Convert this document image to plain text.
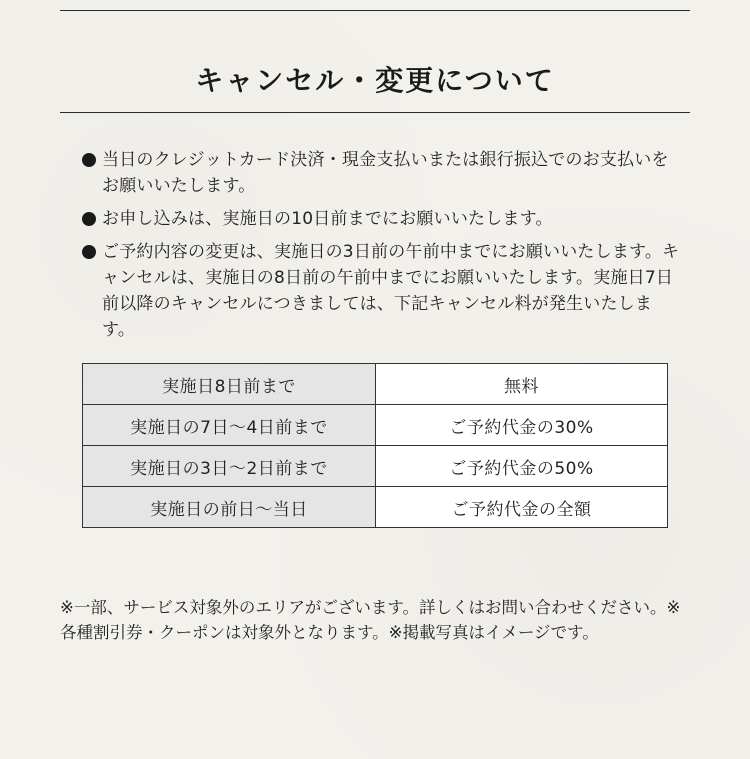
キャンセル・変更について
当日のクレジットカード決済・現金支払いまたは銀行振込でのお支払いをお願いいたします。
お申し込みは、実施日の10日前までにお願いいたします。
ご予約内容の変更は、実施日の3日前の午前中までにお願いいたします。キャンセルは、実施日の8日前の午前中までにお願いいたします。実施日7日前以降のキャンセルにつきましては、下記キャンセル料が発生いたします。
実施日8日前まで	無料
実施日の7日〜4日前まで	ご予約代金の30%
実施日の3日〜2日前まで	ご予約代金の50%
実施日の前日〜当日	ご予約代金の全額

※一部、サービス対象外のエリアがございます。詳しくはお問い合わせください。※各種割引券・クーポンは対象外となります。※掲載写真はイメージです。
